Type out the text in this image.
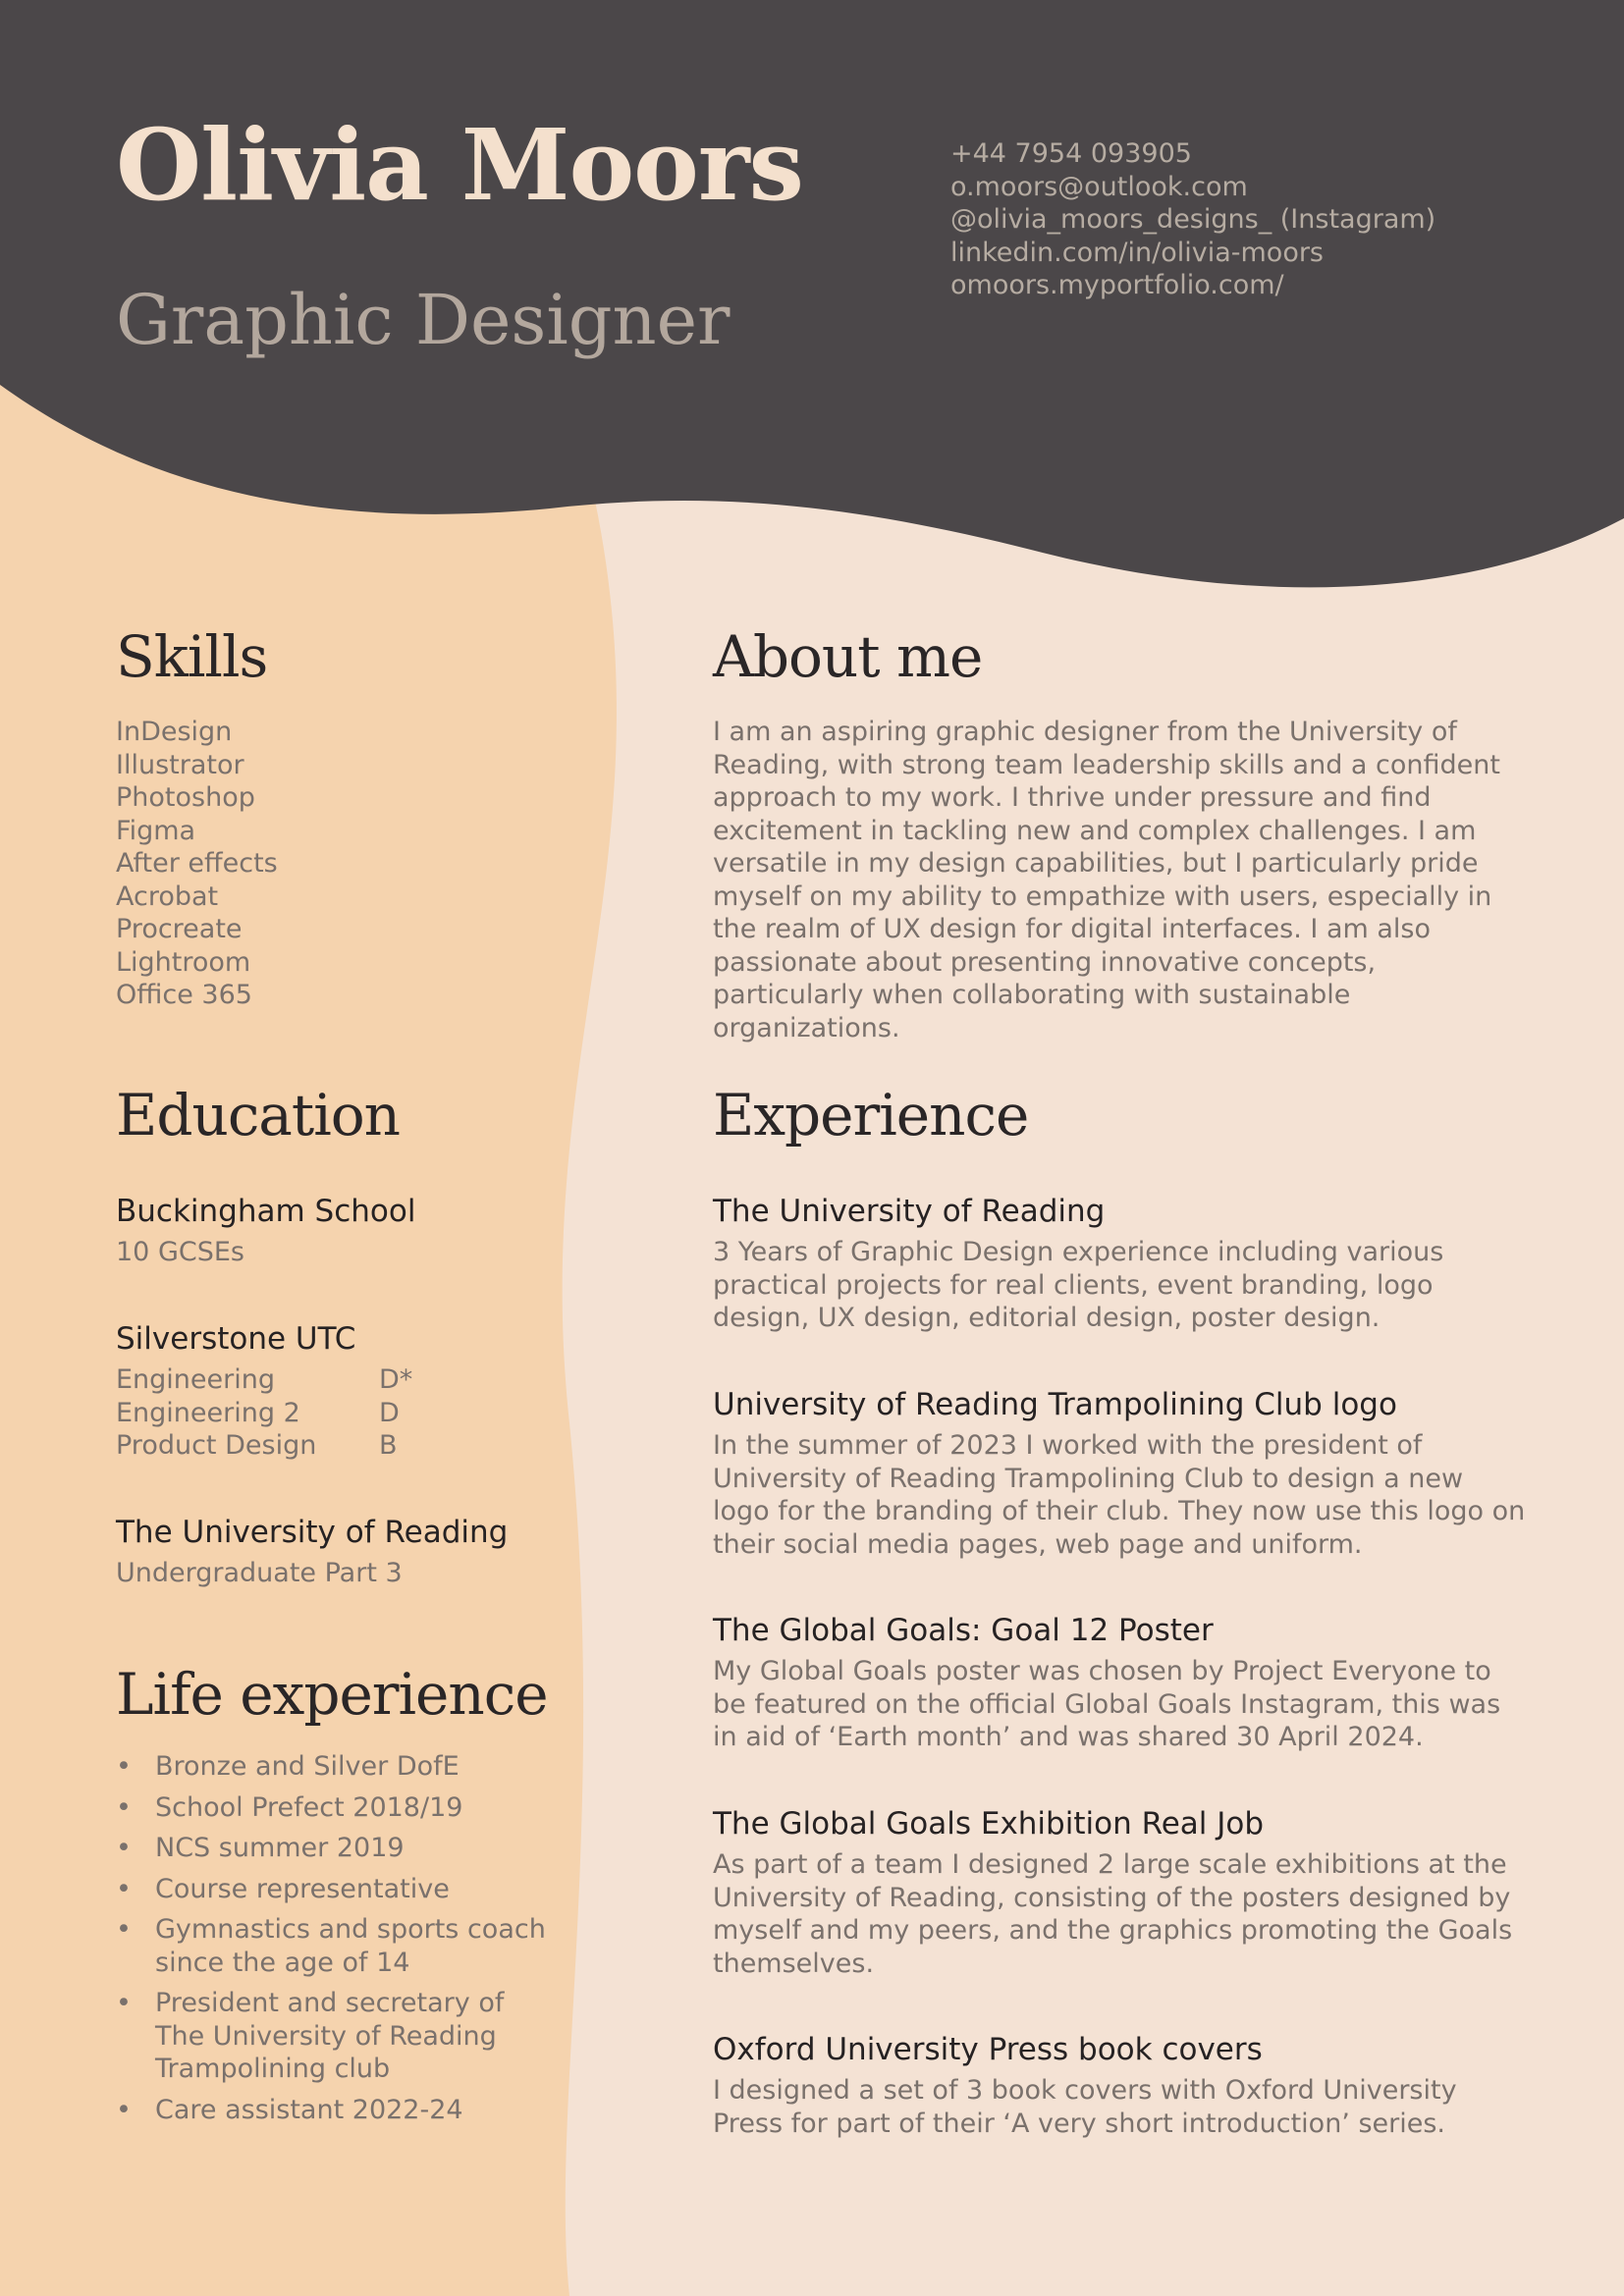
Olivia Moors
Graphic Designer
+44 7954 093905
o.moors@outlook.com
@olivia_moors_designs_ (Instagram)
linkedin.com/in/olivia-moors
omoors.myportfolio.com/
Skills
InDesign
Illustrator
Photoshop
Figma
After effects
Acrobat
Procreate
Lightroom
Office 365
Education
Buckingham School
10 GCSEs
Silverstone UTC
Engineering	D*
Engineering 2	D
Product Design	B
The University of Reading
Undergraduate Part 3
Life experience
• Bronze and Silver DofE
• School Prefect 2018/19
• NCS summer 2019
• Course representative
• Gymnastics and sports coach since the age of 14
• President and secretary of The University of Reading Trampolining club
• Care assistant 2022-24
About me
I am an aspiring graphic designer from the University of Reading, with strong team leadership skills and a confident approach to my work. I thrive under pressure and find excitement in tackling new and complex challenges. I am versatile in my design capabilities, but I particularly pride myself on my ability to empathize with users, especially in the realm of UX design for digital interfaces. I am also passionate about presenting innovative concepts, particularly when collaborating with sustainable organizations.
Experience
The University of Reading
3 Years of Graphic Design experience including various practical projects for real clients, event branding, logo design, UX design, editorial design, poster design.
University of Reading Trampolining Club logo
In the summer of 2023 I worked with the president of University of Reading Trampolining Club to design a new logo for the branding of their club. They now use this logo on their social media pages, web page and uniform.
The Global Goals: Goal 12 Poster
My Global Goals poster was chosen by Project Everyone to be featured on the official Global Goals Instagram, this was in aid of ‘Earth month’ and was shared 30 April 2024.
The Global Goals Exhibition Real Job
As part of a team I designed 2 large scale exhibitions at the University of Reading, consisting of the posters designed by myself and my peers, and the graphics promoting the Goals themselves.
Oxford University Press book covers
I designed a set of 3 book covers with Oxford University Press for part of their ‘A very short introduction’ series.
